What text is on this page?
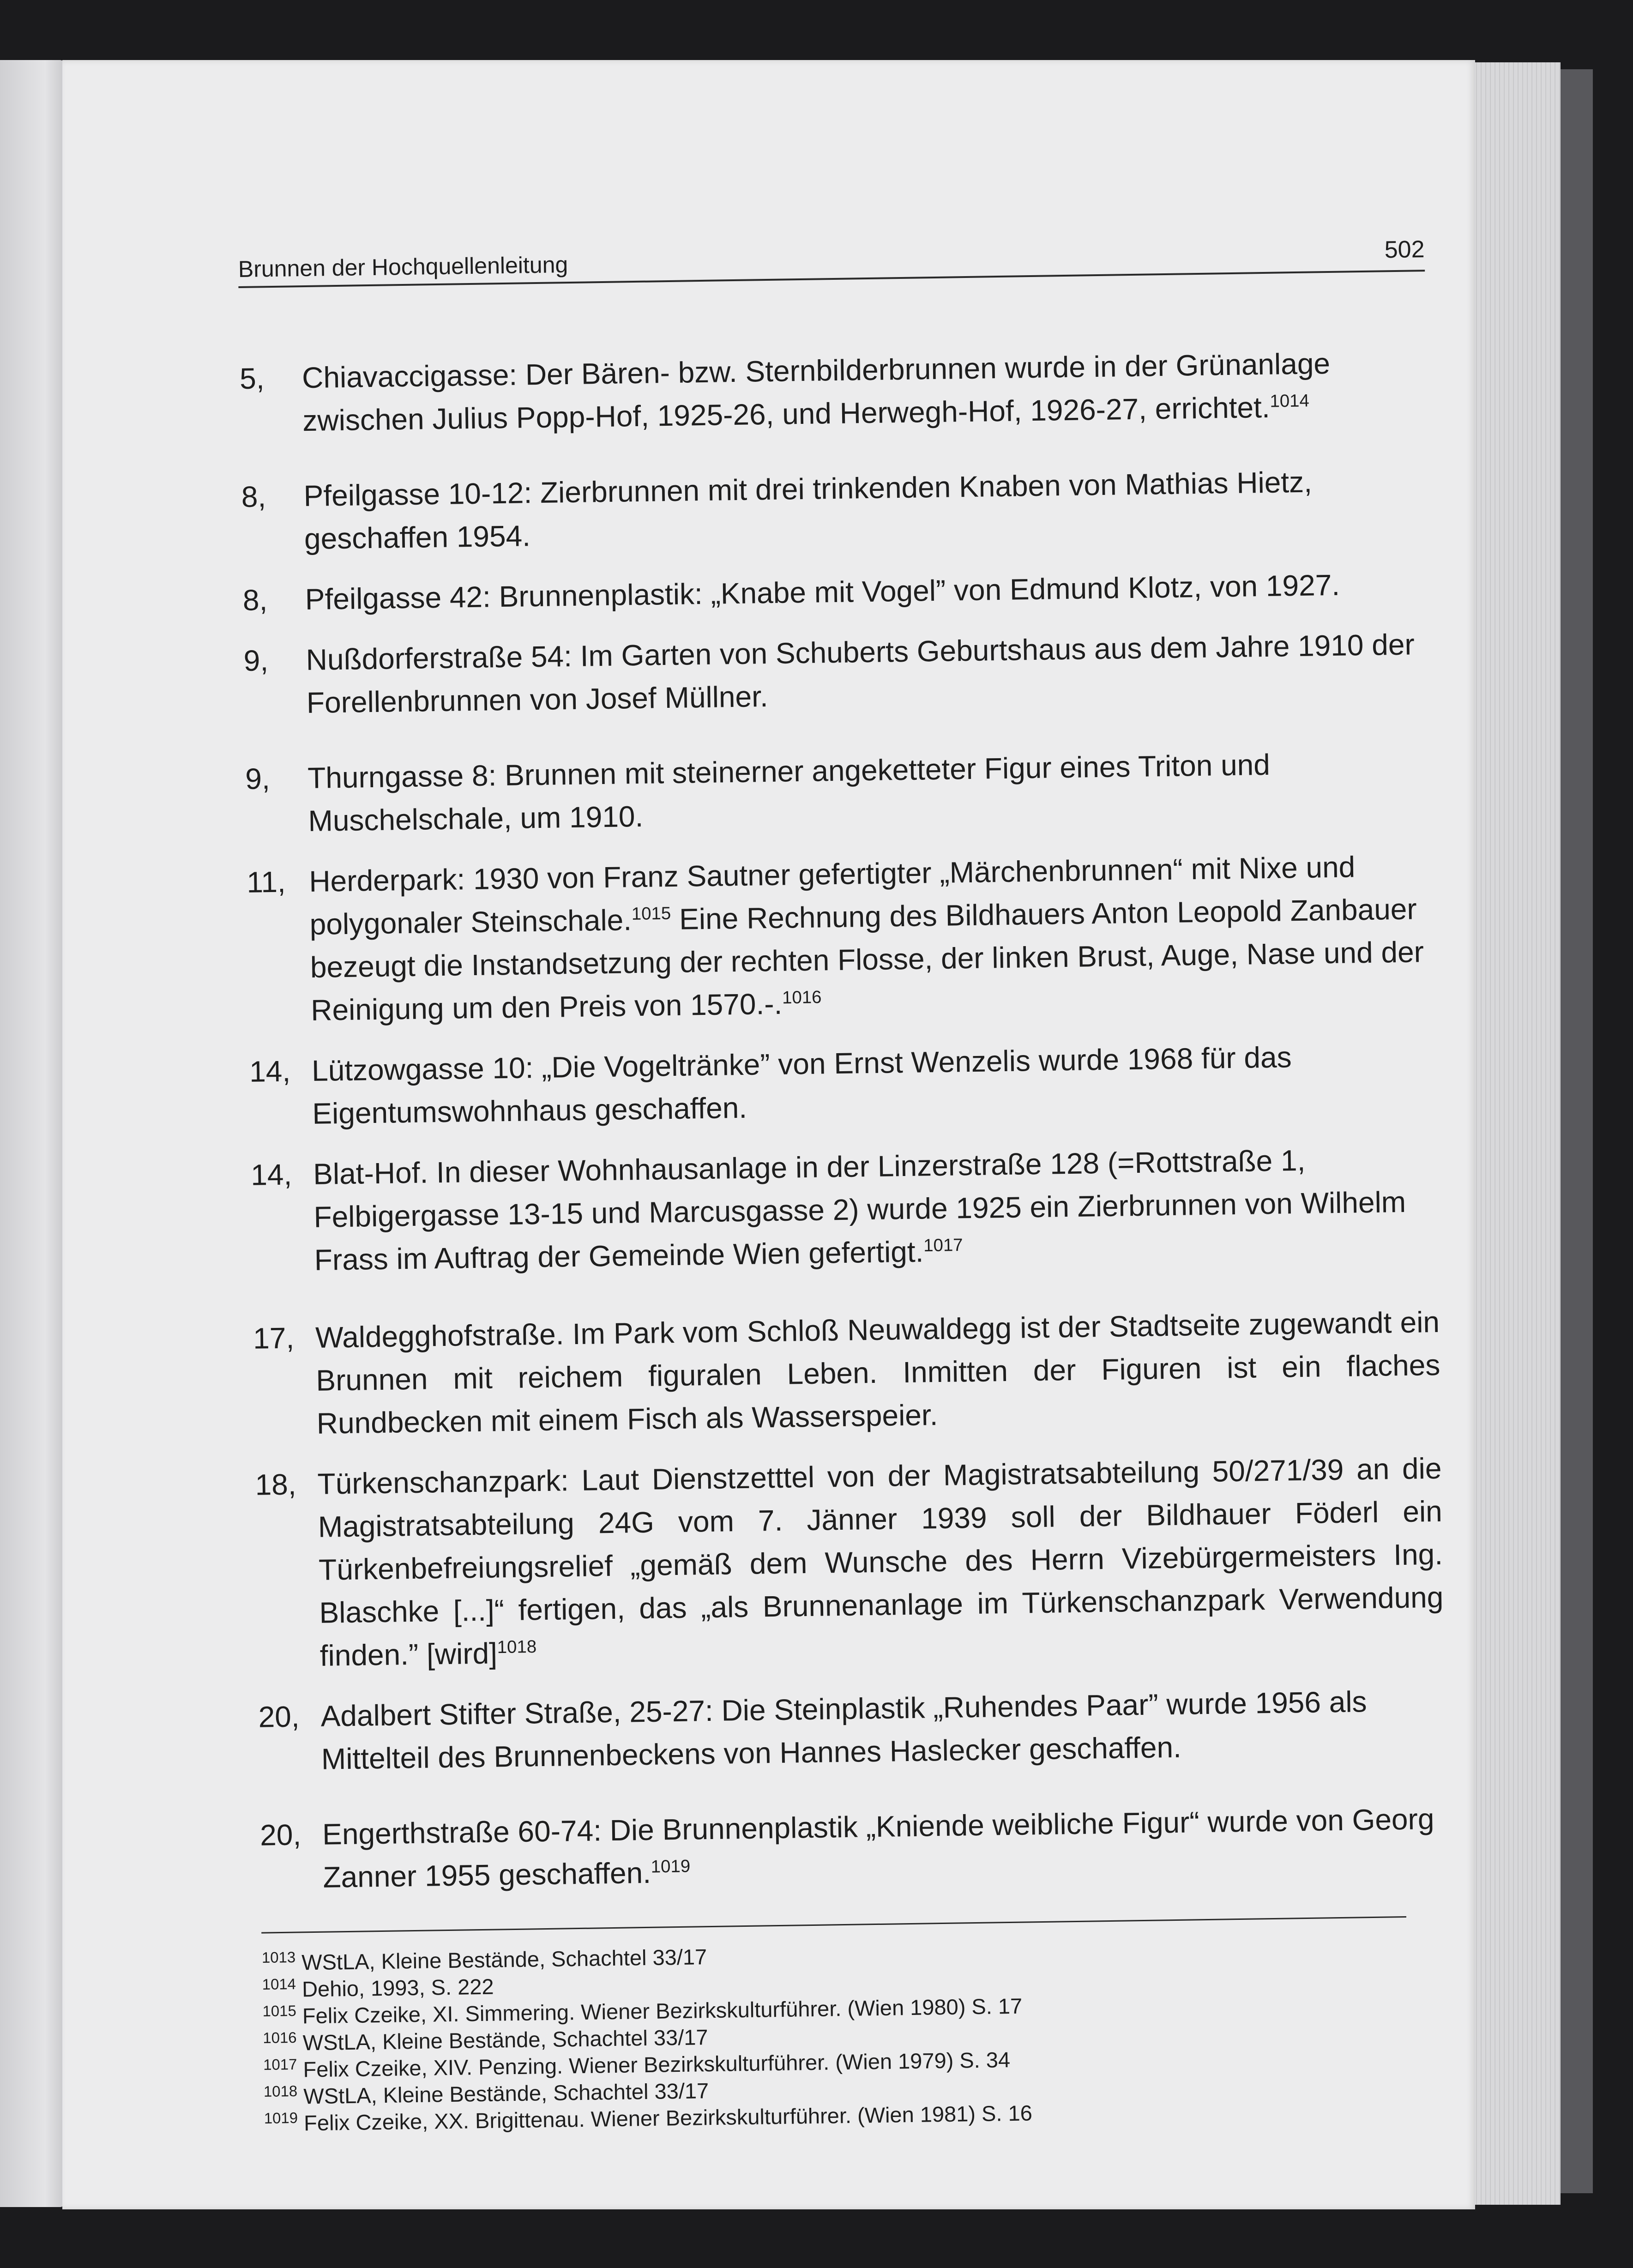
Brunnen der Hochquellenleitung
502
5,	Chiavaccigasse: Der Bären- bzw. Sternbilderbrunnen wurde in der Grünanlage zwischen Julius Popp-Hof, 1925-26, und Herwegh-Hof, 1926-27, errichtet.$^{1014}$
8,	Pfeilgasse 10-12: Zierbrunnen mit drei trinkenden Knaben von Mathias Hietz, geschaffen 1954.
8,	Pfeilgasse 42: Brunnenplastik: „Knabe mit Vogel” von Edmund Klotz, von 1927.
9,	Nußdorferstraße 54: Im Garten von Schuberts Geburtshaus aus dem Jahre 1910 der Forellenbrunnen von Josef Müllner.
9,	Thurngasse 8: Brunnen mit steinerner angeketteter Figur eines Triton und Muschelschale, um 1910.
11, Herderpark: 1930 von Franz Sautner gefertigter „Märchenbrunnen“ mit Nixe und polygonaler Steinschale.$^{1015}$ Eine Rechnung des Bildhauers Anton Leopold Zanbauer bezeugt die Instandsetzung der rechten Flosse, der linken Brust, Auge, Nase und der Reinigung um den Preis von 1570.-.$^{1016}$
14, Lützowgasse 10: „Die Vogeltränke” von Ernst Wenzelis wurde 1968 für das Eigentumswohnhaus geschaffen.
14, Blat-Hof. In dieser Wohnhausanlage in der Linzerstraße 128 (=Rottstraße 1, Felbigergasse 13-15 und Marcusgasse 2) wurde 1925 ein Zierbrunnen von Wilhelm Frass im Auftrag der Gemeinde Wien gefertigt.$^{1017}$
17, Waldegghofstraße. Im Park vom Schloß Neuwaldegg ist der Stadtseite zugewandt ein Brunnen mit reichem figuralen Leben. Inmitten der Figuren ist ein flaches Rundbecken mit einem Fisch als Wasserspeier.
18, Türkenschanzpark: Laut Dienstzetttel von der Magistratsabteilung 50/271/39 an die Magistratsabteilung 24G vom 7. Jänner 1939 soll der Bildhauer Föderl ein Türkenbefreiungsrelief „gemäß dem Wunsche des Herrn Vizebürgermeisters Ing. Blaschke [...]“ fertigen, das „als Brunnenanlage im Türkenschanzpark Verwendung finden.” [wird]$^{1018}$
20, Adalbert Stifter Straße, 25-27: Die Steinplastik „Ruhendes Paar” wurde 1956 als Mittelteil des Brunnenbeckens von Hannes Haslecker geschaffen.
20, Engerthstraße 60-74: Die Brunnenplastik „Kniende weibliche Figur“ wurde von Georg Zanner 1955 geschaffen.$^{1019}$
$^{1013}$ WStLA, Kleine Bestände, Schachtel 33/17
$^{1014}$ Dehio, 1993, S. 222
$^{1015}$ Felix Czeike, XI. Simmering. Wiener Bezirkskulturführer. (Wien 1980) S. 17
$^{1016}$ WStLA, Kleine Bestände, Schachtel 33/17
$^{1017}$ Felix Czeike, XIV. Penzing. Wiener Bezirkskulturführer. (Wien 1979) S. 34
$^{1018}$ WStLA, Kleine Bestände, Schachtel 33/17
$^{1019}$ Felix Czeike, XX. Brigittenau. Wiener Bezirkskulturführer. (Wien 1981) S. 16
